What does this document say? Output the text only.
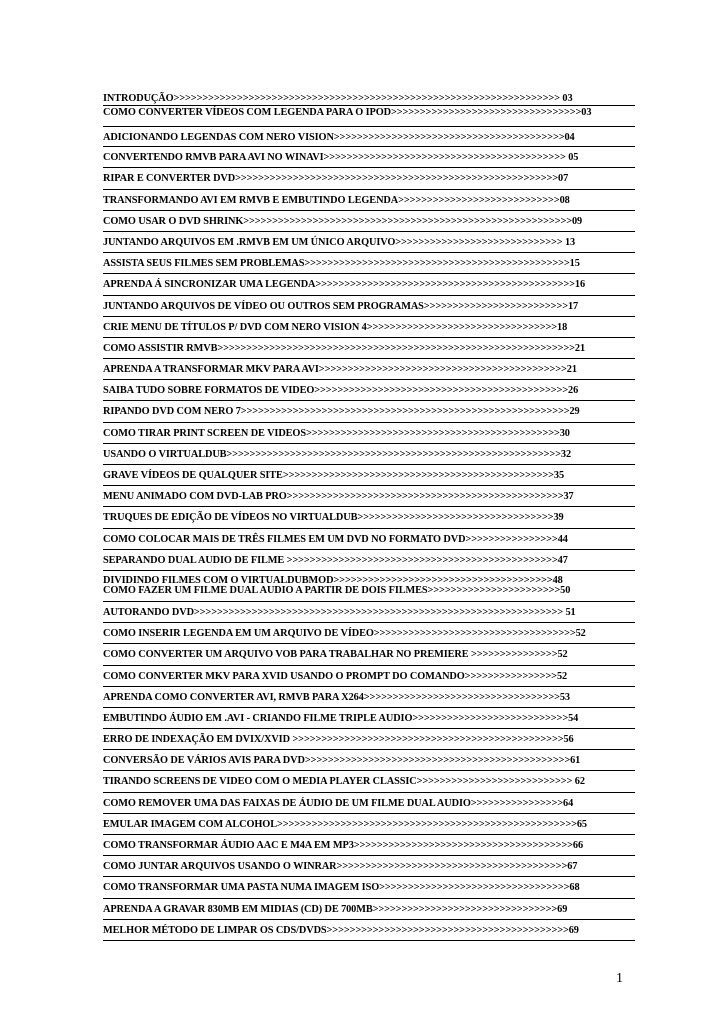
INTRODUÇÃO>>>>>>>>>>>>>>>>>>>>>>>>>>>>>>>>>>>>>>>>>>>>>>>>>>>>>>>>>>>>>>>>>>> 03
COMO CONVERTER VÍDEOS COM LEGENDA PARA O IPOD>>>>>>>>>>>>>>>>>>>>>>>>>>>>>>>>>03
ADICIONANDO LEGENDAS COM NERO VISION>>>>>>>>>>>>>>>>>>>>>>>>>>>>>>>>>>>>>>>>04
CONVERTENDO RMVB PARA AVI NO WINAVI>>>>>>>>>>>>>>>>>>>>>>>>>>>>>>>>>>>>>>>>>> 05
RIPAR E CONVERTER DVD>>>>>>>>>>>>>>>>>>>>>>>>>>>>>>>>>>>>>>>>>>>>>>>>>>>>>>>>07
TRANSFORMANDO AVI EM RMVB E EMBUTINDO LEGENDA>>>>>>>>>>>>>>>>>>>>>>>>>>>>08
COMO USAR O DVD SHRINK>>>>>>>>>>>>>>>>>>>>>>>>>>>>>>>>>>>>>>>>>>>>>>>>>>>>>>>>>09
JUNTANDO ARQUIVOS EM .RMVB EM UM ÚNICO ARQUIVO>>>>>>>>>>>>>>>>>>>>>>>>>>>>> 13
ASSISTA SEUS FILMES SEM PROBLEMAS>>>>>>>>>>>>>>>>>>>>>>>>>>>>>>>>>>>>>>>>>>>>>>15
APRENDA Á SINCRONIZAR UMA LEGENDA>>>>>>>>>>>>>>>>>>>>>>>>>>>>>>>>>>>>>>>>>>>>>16
JUNTANDO ARQUIVOS DE VÍDEO OU OUTROS SEM PROGRAMAS>>>>>>>>>>>>>>>>>>>>>>>>>17
CRIE MENU DE TÍTULOS P/ DVD COM NERO VISION 4>>>>>>>>>>>>>>>>>>>>>>>>>>>>>>>>>18
COMO ASSISTIR RMVB>>>>>>>>>>>>>>>>>>>>>>>>>>>>>>>>>>>>>>>>>>>>>>>>>>>>>>>>>>>>>>21
APRENDA A TRANSFORMAR MKV PARA AVI>>>>>>>>>>>>>>>>>>>>>>>>>>>>>>>>>>>>>>>>>>>21
SAIBA TUDO SOBRE FORMATOS DE VIDEO>>>>>>>>>>>>>>>>>>>>>>>>>>>>>>>>>>>>>>>>>>>>26
RIPANDO DVD COM NERO 7>>>>>>>>>>>>>>>>>>>>>>>>>>>>>>>>>>>>>>>>>>>>>>>>>>>>>>>>>29
COMO TIRAR PRINT SCREEN DE VIDEOS>>>>>>>>>>>>>>>>>>>>>>>>>>>>>>>>>>>>>>>>>>>>30
USANDO O VIRTUALDUB>>>>>>>>>>>>>>>>>>>>>>>>>>>>>>>>>>>>>>>>>>>>>>>>>>>>>>>>>>32
GRAVE VÍDEOS DE QUALQUER SITE>>>>>>>>>>>>>>>>>>>>>>>>>>>>>>>>>>>>>>>>>>>>>>>35
MENU ANIMADO COM DVD-LAB PRO>>>>>>>>>>>>>>>>>>>>>>>>>>>>>>>>>>>>>>>>>>>>>>>>37
TRUQUES DE EDIÇÃO DE VÍDEOS NO VIRTUALDUB>>>>>>>>>>>>>>>>>>>>>>>>>>>>>>>>>>39
COMO COLOCAR MAIS DE TRÊS FILMES EM UM DVD NO FORMATO DVD>>>>>>>>>>>>>>>>44
SEPARANDO DUAL AUDIO DE FILME >>>>>>>>>>>>>>>>>>>>>>>>>>>>>>>>>>>>>>>>>>>>>>>47
DIVIDINDO FILMES COM O VIRTUALDUBMOD>>>>>>>>>>>>>>>>>>>>>>>>>>>>>>>>>>>>>>48
COMO FAZER UM FILME DUAL AUDIO A PARTIR DE DOIS FILMES>>>>>>>>>>>>>>>>>>>>>>>50
AUTORANDO DVD>>>>>>>>>>>>>>>>>>>>>>>>>>>>>>>>>>>>>>>>>>>>>>>>>>>>>>>>>>>>>>>> 51
COMO INSERIR LEGENDA EM UM ARQUIVO DE VÍDEO>>>>>>>>>>>>>>>>>>>>>>>>>>>>>>>>>>>52
COMO CONVERTER UM ARQUIVO VOB PARA TRABALHAR NO PREMIERE >>>>>>>>>>>>>>>52
COMO CONVERTER MKV PARA XVID USANDO O PROMPT DO COMANDO>>>>>>>>>>>>>>>>52
APRENDA COMO CONVERTER AVI, RMVB PARA X264>>>>>>>>>>>>>>>>>>>>>>>>>>>>>>>>>>53
EMBUTINDO ÁUDIO EM .AVI - CRIANDO FILME TRIPLE AUDIO>>>>>>>>>>>>>>>>>>>>>>>>>>>54
ERRO DE INDEXAÇÃO EM DVIX/XVID >>>>>>>>>>>>>>>>>>>>>>>>>>>>>>>>>>>>>>>>>>>>>>>56
CONVERSÃO DE VÁRIOS AVIS PARA DVD>>>>>>>>>>>>>>>>>>>>>>>>>>>>>>>>>>>>>>>>>>>>>>61
TIRANDO SCREENS DE VIDEO COM O MEDIA PLAYER CLASSIC>>>>>>>>>>>>>>>>>>>>>>>>>>> 62
COMO REMOVER UMA DAS FAIXAS DE ÁUDIO DE UM FILME DUAL AUDIO>>>>>>>>>>>>>>>>64
EMULAR IMAGEM COM ALCOHOL>>>>>>>>>>>>>>>>>>>>>>>>>>>>>>>>>>>>>>>>>>>>>>>>>>>>65
COMO TRANSFORMAR ÁUDIO AAC E M4A EM MP3>>>>>>>>>>>>>>>>>>>>>>>>>>>>>>>>>>>>>>66
COMO JUNTAR ARQUIVOS USANDO O WINRAR>>>>>>>>>>>>>>>>>>>>>>>>>>>>>>>>>>>>>>>>67
COMO TRANSFORMAR UMA PASTA NUMA IMAGEM ISO>>>>>>>>>>>>>>>>>>>>>>>>>>>>>>>>>68
APRENDA A GRAVAR 830MB EM MIDIAS (CD) DE 700MB>>>>>>>>>>>>>>>>>>>>>>>>>>>>>>>>69
MELHOR MÉTODO DE LIMPAR OS CDS/DVDS>>>>>>>>>>>>>>>>>>>>>>>>>>>>>>>>>>>>>>>>>>69
1
